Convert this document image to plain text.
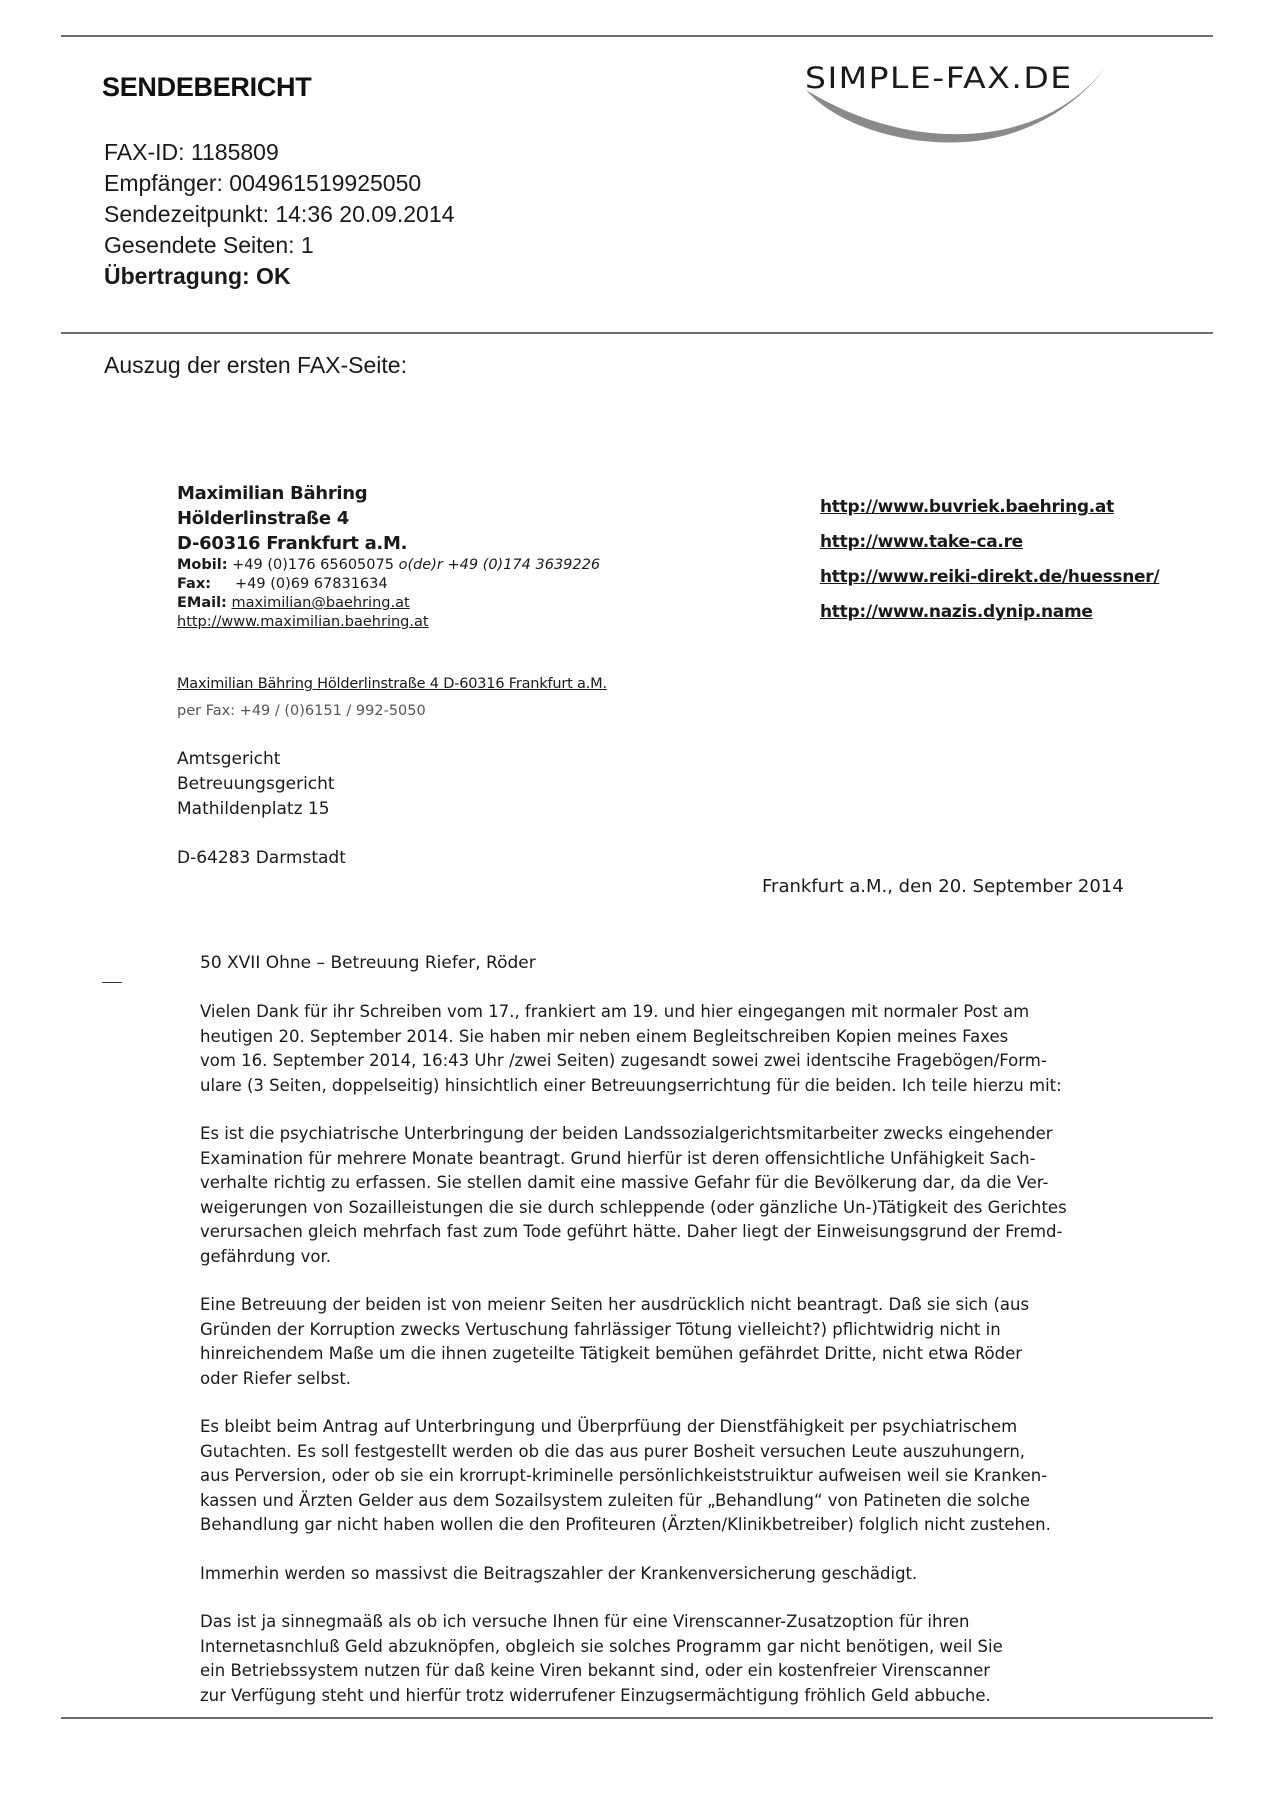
SENDEBERICHT
FAX-ID: 1185809
Empfänger: 004961519925050
Sendezeitpunkt: 14:36 20.09.2014
Gesendete Seiten: 1
Übertragung: OK
Auszug der ersten FAX-Seite:
SIMPLE-FAX.DE
Maximilian Bähring
Hölderlinstraße 4
D-60316 Frankfurt a.M.
Mobil: +49 (0)176 65605075 o(de)r +49 (0)174 3639226
Fax: +49 (0)69 67831634
EMail: maximilian@baehring.at
http://www.maximilian.baehring.at
http://www.buvriek.baehring.at
http://www.take-ca.re
http://www.reiki-direkt.de/huessner/
http://www.nazis.dynip.name
Maximilian Bähring Hölderlinstraße 4 D-60316 Frankfurt a.M.
per Fax: +49 / (0)6151 / 992-5050
Amtsgericht
Betreuungsgericht
Mathildenplatz 15
D-64283 Darmstadt
Frankfurt a.M., den 20. September 2014
50 XVII Ohne – Betreuung Riefer, Röder

Vielen Dank für ihr Schreiben vom 17., frankiert am 19. und hier eingegangen mit normaler Post am
heutigen 20. September 2014. Sie haben mir neben einem Begleitschreiben Kopien meines Faxes
vom 16. September 2014, 16:43 Uhr /zwei Seiten) zugesandt sowei zwei identscihe Fragebögen/Form-
ulare (3 Seiten, doppelseitig) hinsichtlich einer Betreuungserrichtung für die beiden. Ich teile hierzu mit:

Es ist die psychiatrische Unterbringung der beiden Landssozialgerichtsmitarbeiter zwecks eingehender
Examination für mehrere Monate beantragt. Grund hierfür ist deren offensichtliche Unfähigkeit Sach-
verhalte richtig zu erfassen. Sie stellen damit eine massive Gefahr für die Bevölkerung dar, da die Ver-
weigerungen von Sozailleistungen die sie durch schleppende (oder gänzliche Un-)Tätigkeit des Gerichtes
verursachen gleich mehrfach fast zum Tode geführt hätte. Daher liegt der Einweisungsgrund der Fremd-
gefährdung vor.

Eine Betreuung der beiden ist von meienr Seiten her ausdrücklich nicht beantragt. Daß sie sich (aus
Gründen der Korruption zwecks Vertuschung fahrlässiger Tötung vielleicht?) pflichtwidrig nicht in
hinreichendem Maße um die ihnen zugeteilte Tätigkeit bemühen gefährdet Dritte, nicht etwa Röder
oder Riefer selbst.

Es bleibt beim Antrag auf Unterbringung und Überprfüung der Dienstfähigkeit per psychiatrischem
Gutachten. Es soll festgestellt werden ob die das aus purer Bosheit versuchen Leute auszuhungern,
aus Perversion, oder ob sie ein krorrupt-kriminelle persönlichkeiststruiktur aufweisen weil sie Kranken-
kassen und Ärzten Gelder aus dem Sozailsystem zuleiten für „Behandlung“ von Patineten die solche
Behandlung gar nicht haben wollen die den Profiteuren (Ärzten/Klinikbetreiber) folglich nicht zustehen.

Immerhin werden so massivst die Beitragszahler der Krankenversicherung geschädigt.

Das ist ja sinnegmaäß als ob ich versuche Ihnen für eine Virenscanner-Zusatzoption für ihren
Internetasnchluß Geld abzuknöpfen, obgleich sie solches Programm gar nicht benötigen, weil Sie
ein Betriebssystem nutzen für daß keine Viren bekannt sind, oder ein kostenfreier Virenscanner
zur Verfügung steht und hierfür trotz widerrufener Einzugsermächtigung fröhlich Geld abbuche.
